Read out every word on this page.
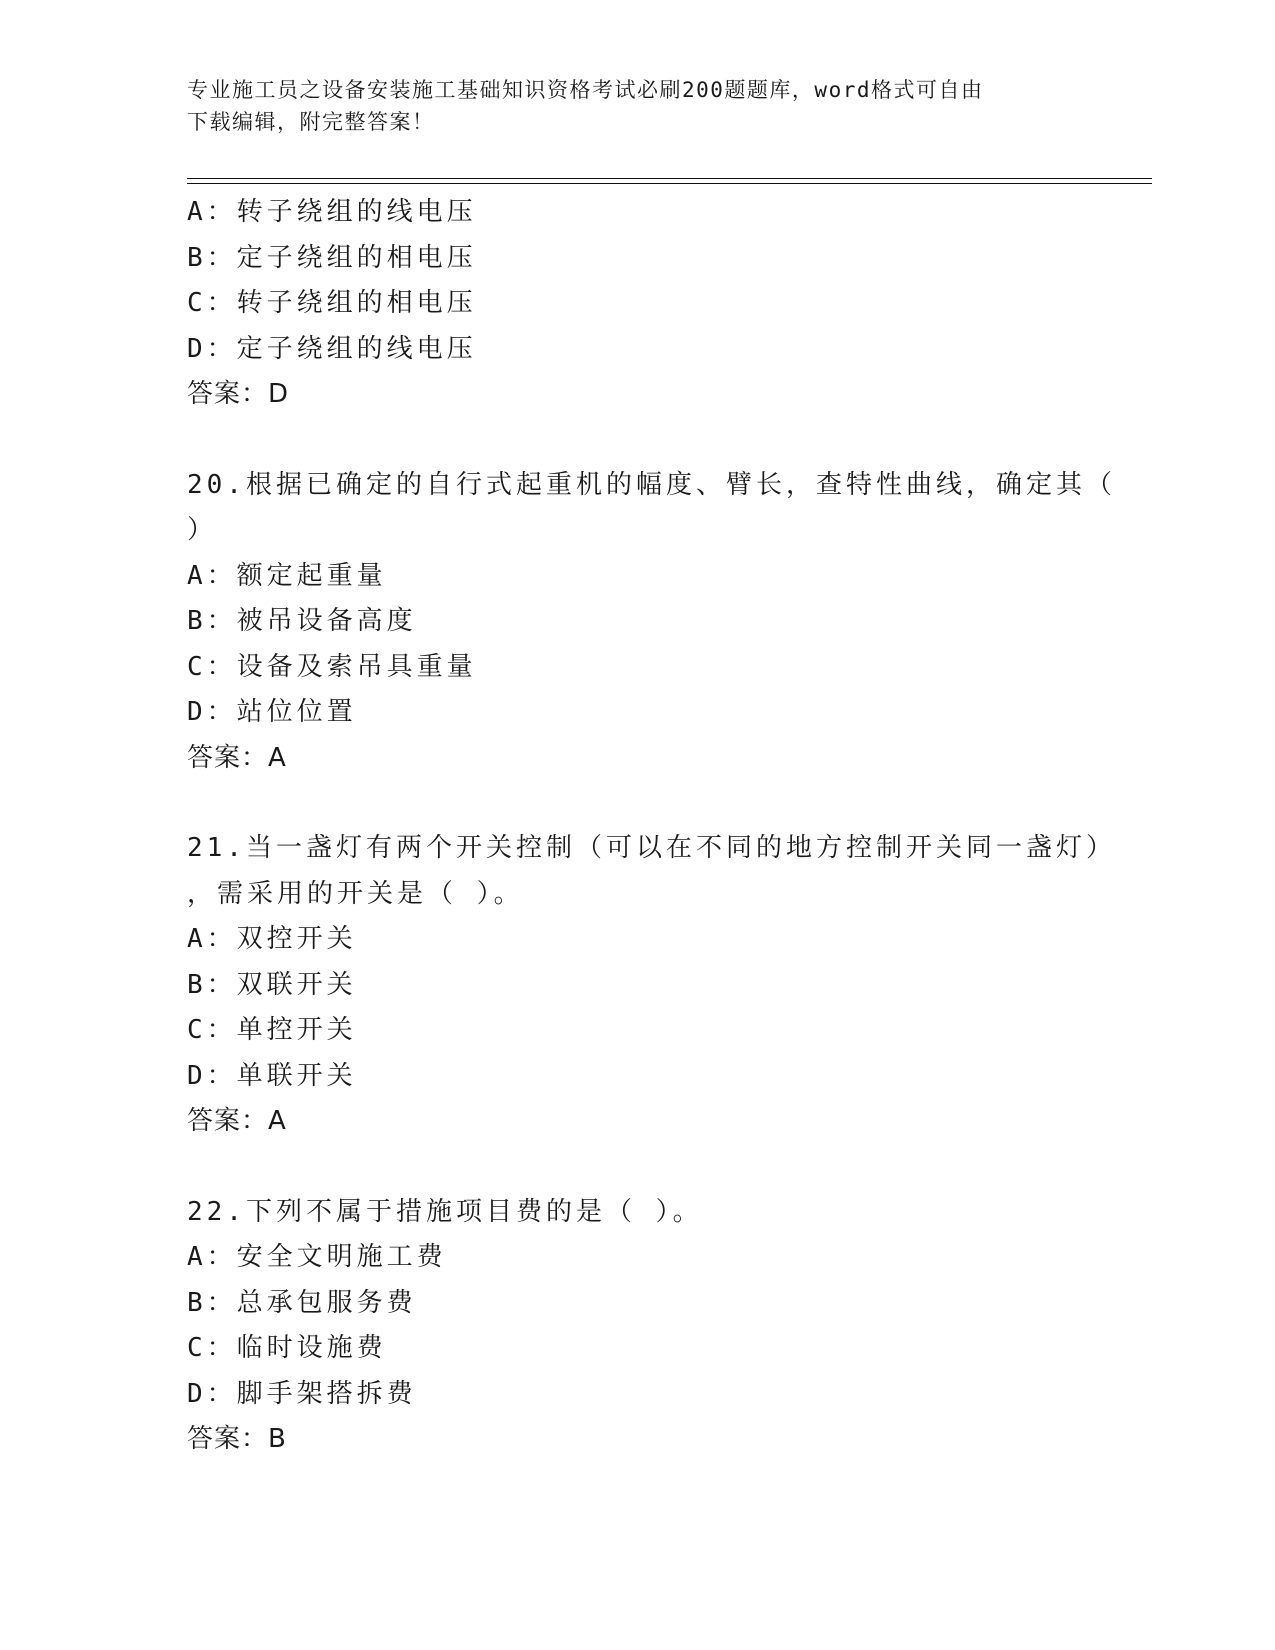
专业施工员之设备安装施工基础知识资格考试必刷200题题库，word格式可自由
下载编辑，附完整答案！
A：转子绕组的线电压
B：定子绕组的相电压
C：转子绕组的相电压
D：定子绕组的线电压
答案：D
20.根据已确定的自行式起重机的幅度、臂长，查特性曲线，确定其（
）
A：额定起重量
B：被吊设备高度
C：设备及索吊具重量
D：站位位置
答案：A
21.当一盏灯有两个开关控制（可以在不同的地方控制开关同一盏灯）
，需采用的开关是（ ）。
A：双控开关
B：双联开关
C：单控开关
D：单联开关
答案：A
22.下列不属于措施项目费的是（ ）。
A：安全文明施工费
B：总承包服务费
C：临时设施费
D：脚手架搭拆费
答案：B
